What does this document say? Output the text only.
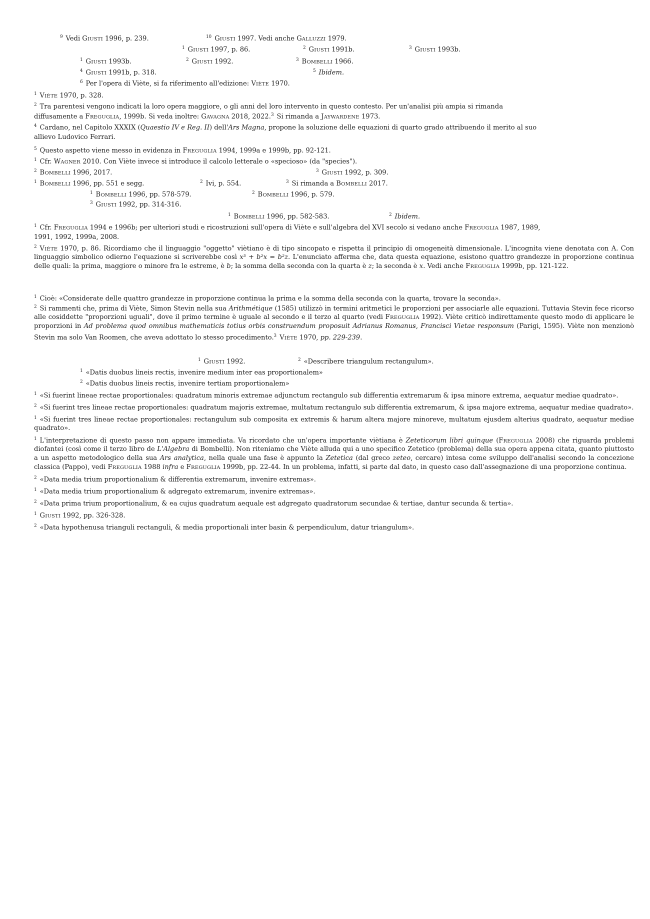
$^9$ Vedi Giusti 1996, p. 239.	$^{10}$ Giusti 1997. Vedi anche Galluzzi 1979.
$^1$ Giusti 1997, p. 86.	$^2$ Giusti 1991b.	$^3$ Giusti 1993b.
$^1$ Giusti 1993b.	$^2$ Giusti 1992.	$^3$ Bombelli 1966.
$^4$ Giusti 1991b, p. 318.	$^5$ Ibidem.
$^6$ Per l'opera di Viète, si fa riferimento all'edizione: Viète 1970.
$^1$ Viète 1970, p. 328.
$^2$ Tra parentesi vengono indicati la loro opera maggiore, o gli anni del loro intervento in questo contesto. Per un'analisi più ampia si rimanda
diffusamente a Freguglia, 1999b. Si veda inoltre: Gavagna 2018, 2022.$^3$ Si rimanda a Jaywardene 1973.
$^4$ Cardano, nel Capitolo XXXIX (Quaestio IV e Reg. II) dell'Ars Magna, propone la soluzione delle equazioni di quarto grado attribuendo il merito al suo
allievo Ludovico Ferrari.
$^5$ Questo aspetto viene messo in evidenza in Freguglia 1994, 1999a e 1999b, pp. 92-121.
$^1$ Cfr. Wagner 2010. Con Viète invece si introduce il calcolo letterale o «specioso» (da "species").
$^2$ Bombelli 1996, 2017.	$^3$ Giusti 1992, p. 309.
$^1$ Bombelli 1996, pp. 551 e segg.	$^2$ Ivi, p. 554.	$^3$ Si rimanda a Bombelli 2017.
$^1$ Bombelli 1996, pp. 578-579.	$^2$ Bombelli 1996, p. 579.
$^3$ Giusti 1992, pp. 314-316.
$^1$ Bombelli 1996, pp. 582-583.	$^2$ Ibidem.
$^1$ Cfr. Freguglia 1994 e 1996b; per ulteriori studi e ricostruzioni sull'opera di Viète e sull'algebra del XVI secolo si vedano anche Freguglia 1987, 1989,
1991, 1992, 1999a, 2008.
$^2$ Viète 1970, p. 86. Ricordiamo che il linguaggio "oggetto" viètiano è di tipo sincopato e rispetta il principio di omogeneità dimensionale. L'incognita viene denotata con A. Con linguaggio simbolico odierno l'equazione si scriverebbe così x³ + b²x = b²z. L'enunciato afferma che, data questa equazione, esistono quattro grandezze in proporzione continua delle quali: la prima, maggiore o minore fra le estreme, è b; la somma della seconda con la quarta è z; la seconda è x. Vedi anche Freguglia 1999b, pp. 121-122.
$^1$ Cioè: «Considerate delle quattro grandezze in proporzione continua la prima e la somma della seconda con la quarta, trovare la seconda».
$^2$ Si rammenti che, prima di Viète, Simon Stevin nella sua Arithmétique (1585) utilizzò in termini aritmetici le proporzioni per associarle alle equazioni. Tuttavia Stevin fece ricorso alle cosiddette "proporzioni uguali", dove il primo termine è uguale al secondo e il terzo al quarto (vedi Freguglia 1992). Viète criticò indirettamente questo modo di applicare le proporzioni in Ad problema quod omnibus mathematicis totius orbis construendum proposuit Adrianus Romanus, Francisci Vietae responsum (Parigi, 1595). Viète non menzionò Stevin ma solo Van Roomen, che aveva adottato lo stesso procedimento.$^3$ Viète 1970, pp. 229-239.
$^1$ Giusti 1992.	$^2$ «Describere triangulum rectangulum».
$^1$ «Datis duobus lineis rectis, invenire medium inter eas proportionalem»
$^2$ «Datis duobus lineis rectis, invenire tertiam proportionalem»
$^1$ «Si fuerint lineae rectae proportionales: quadratum minoris extremae adjunctum rectangulo sub differentia extremarum & ipsa minore extrema, aequatur mediae quadrato».
$^2$ «Si fuerint tres lineae rectae proportionales: quadratum majoris extremae, multatum rectangulo sub differentia extremarum, & ipsa majore extrema, aequatur mediae quadrato».
$^1$ «Si fuerint tres lineae rectae proportionales: rectangulum sub composita ex extremis & harum altera majore minoreve, multatum ejusdem alterius quadrato, aequatur mediae quadrato».
$^1$ L'interpretazione di questo passo non appare immediata. Va ricordato che un'opera importante viètiana è Zeteticorum libri quinque (Freguglia 2008) che riguarda problemi diofantei (così come il terzo libro de L'Algebra di Bombelli). Non riteniamo che Viète alluda qui a uno specifico Zetetico (problema) della sua opera appena citata, quanto piuttosto a un aspetto metodologico della sua Ars analytica, nella quale una fase è appunto la Zetetica (dal greco zeteo, cercare) intesa come sviluppo dell'analisi secondo la concezione classica (Pappo), vedi Freguglia 1988 infra e Freguglia 1999b, pp. 22-44. In un problema, infatti, si parte dal dato, in questo caso dall'assegnazione di una proporzione continua.
$^2$ «Data media trium proportionalium & differentia extremarum, invenire extremas».
$^1$ «Data media trium proportionalium & adgregato extremarum, invenire extremas».
$^2$ «Data prima trium proportionalium, & ea cujus quadratum aequale est adgregato quadratorum secundae & tertiae, dantur secunda & tertia».
$^1$ Giusti 1992, pp. 326-328.
$^2$ «Data hypothenusa trianguli rectanguli, & media proportionali inter basin & perpendiculum, datur triangulum».
